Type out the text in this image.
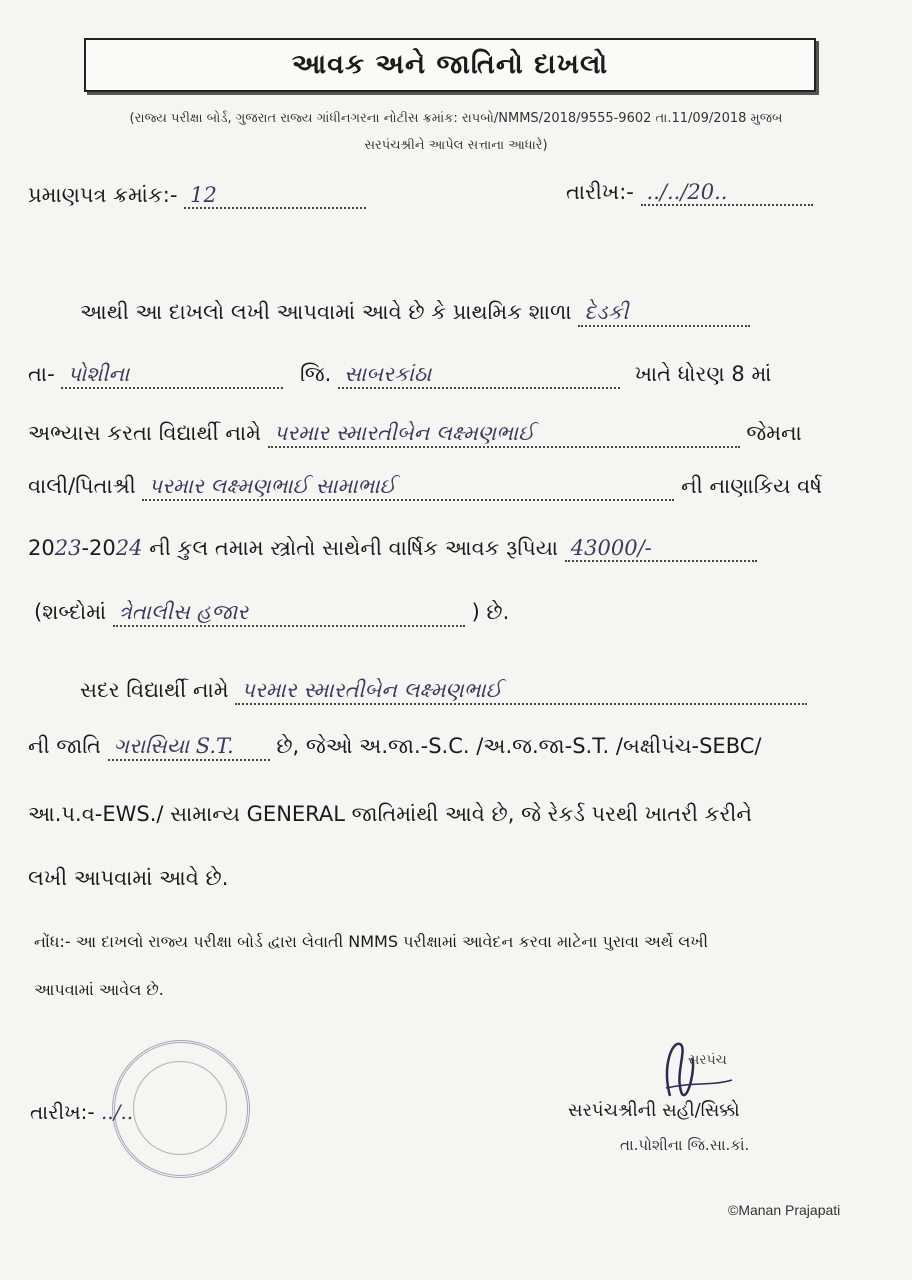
આવક અને જાતિનો દાખલો
(રાજ્ય પરીક્ષા બોર્ડ, ગુજરાત રાજ્ય ગાંધીનગરના નોટીસ ક્રમાંક: રાપબો/NMMS/2018/9555-9602 તા.11/09/2018 મુજબ
સરપંચશ્રીને આપેલ સત્તાના આધારે)
પ્રમાણપત્ર ક્રમાંક:- 12	તારીખ:- ../../20..
આથી આ દાખલો લખી આપવામાં આવે છે કે પ્રાથમિક શાળા દેડકી
તા- પોશીના	જિ. સાબરકાંઠા	ખાતે ધોરણ 8 માં
અભ્યાસ કરતા વિદ્યાર્થી નામે પરમાર સ્મારતીબેન લક્ષ્મણભાઈ	જેમના
વાલી/પિતાશ્રી પરમાર લક્ષ્મણભાઈ સામાભાઈ	ની નાણાકિય વર્ષ
2023-2024 ની કુલ તમામ સ્ત્રોતો સાથેની વાર્ષિક આવક રૂપિયા 43000/-
(શબ્દોમાં ત્રેતાલીસ હજાર	) છે.
સદર વિદ્યાર્થી નામે પરમાર સ્મારતીબેન લક્ષ્મણભાઈ
ની જાતિ ગરાસિયા S.T. છે, જેઓ અ.જા.-S.C. /અ.જ.જા-S.T. /બક્ષીપંચ-SEBC/
આ.પ.વ-EWS./ સામાન્ય GENERAL જાતિમાંથી આવે છે, જે રેકર્ડ પરથી ખાતરી કરીને
લખી આપવામાં આવે છે.
નોંધ:- આ દાખલો રાજ્ય પરીક્ષા બોર્ડ દ્વારા લેવાતી NMMS પરીક્ષામાં આવેદન કરવા માટેના પુરાવા અર્થે લખી
આપવામાં આવેલ છે.
તારીખ:- ../..
સરપંચ
સરપંચશ્રીની સહી/સિક્કો
તા.પોશીના જિ.સા.કાં.
©Manan Prajapati
